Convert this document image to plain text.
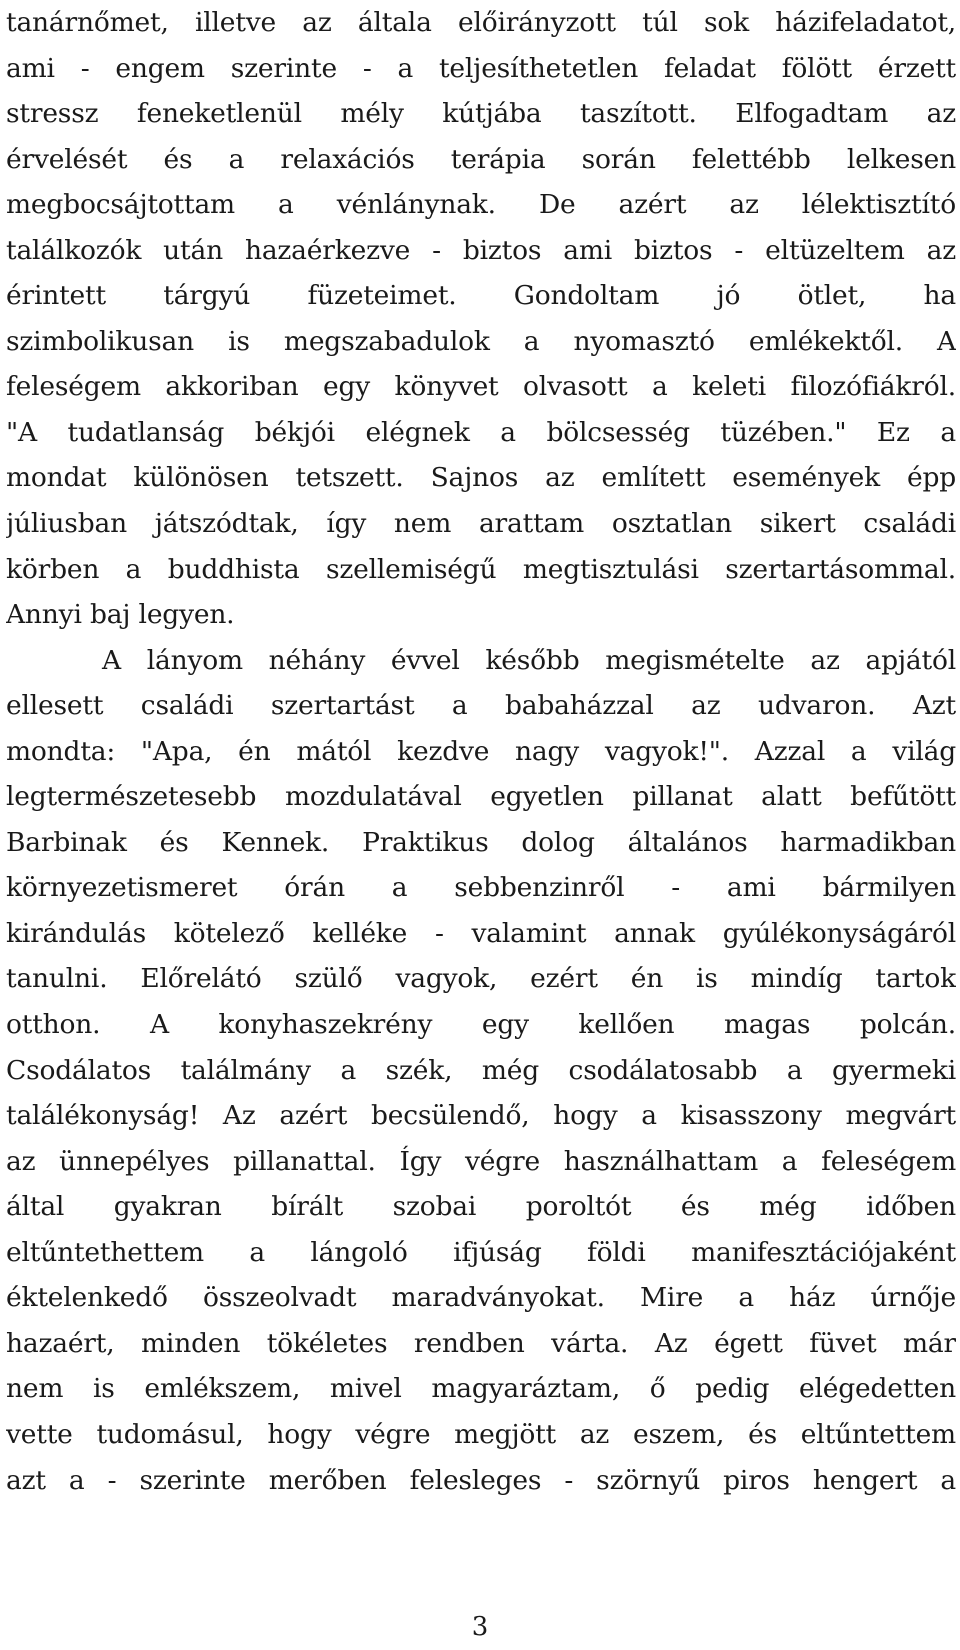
tanárnőmet, illetve az általa előirányzott túl sok házifeladatot,
ami - engem szerinte - a teljesíthetetlen feladat fölött érzett
stressz feneketlenül mély kútjába taszított. Elfogadtam az
érvelését és a relaxációs terápia során felettébb lelkesen
megbocsájtottam a vénlánynak. De azért az lélektisztító
találkozók után hazaérkezve - biztos ami biztos - eltüzeltem az
érintett tárgyú füzeteimet. Gondoltam jó ötlet, ha
szimbolikusan is megszabadulok a nyomasztó emlékektől. A
feleségem akkoriban egy könyvet olvasott a keleti filozófiákról.
"A tudatlanság békjói elégnek a bölcsesség tüzében." Ez a
mondat különösen tetszett. Sajnos az említett események épp
júliusban játszódtak, így nem arattam osztatlan sikert családi
körben a buddhista szellemiségű megtisztulási szertartásommal.
Annyi baj legyen.
A lányom néhány évvel később megismételte az apjától
ellesett családi szertartást a babaházzal az udvaron. Azt
mondta: "Apa, én mától kezdve nagy vagyok!". Azzal a világ
legtermészetesebb mozdulatával egyetlen pillanat alatt befűtött
Barbinak és Kennek. Praktikus dolog általános harmadikban
környezetismeret órán a sebbenzinről - ami bármilyen
kirándulás kötelező kelléke - valamint annak gyúlékonyságáról
tanulni. Előrelátó szülő vagyok, ezért én is mindíg tartok
otthon. A konyhaszekrény egy kellően magas polcán.
Csodálatos találmány a szék, még csodálatosabb a gyermeki
találékonyság! Az azért becsülendő, hogy a kisasszony megvárt
az ünnepélyes pillanattal. Így végre használhattam a feleségem
által gyakran bírált szobai poroltót és még időben
eltűntethettem a lángoló ifjúság földi manifesztációjaként
éktelenkedő összeolvadt maradványokat. Mire a ház úrnője
hazaért, minden tökéletes rendben várta. Az égett füvet már
nem is emlékszem, mivel magyaráztam, ő pedig elégedetten
vette tudomásul, hogy végre megjött az eszem, és eltűntettem
azt a - szerinte merőben felesleges - szörnyű piros hengert a
3
